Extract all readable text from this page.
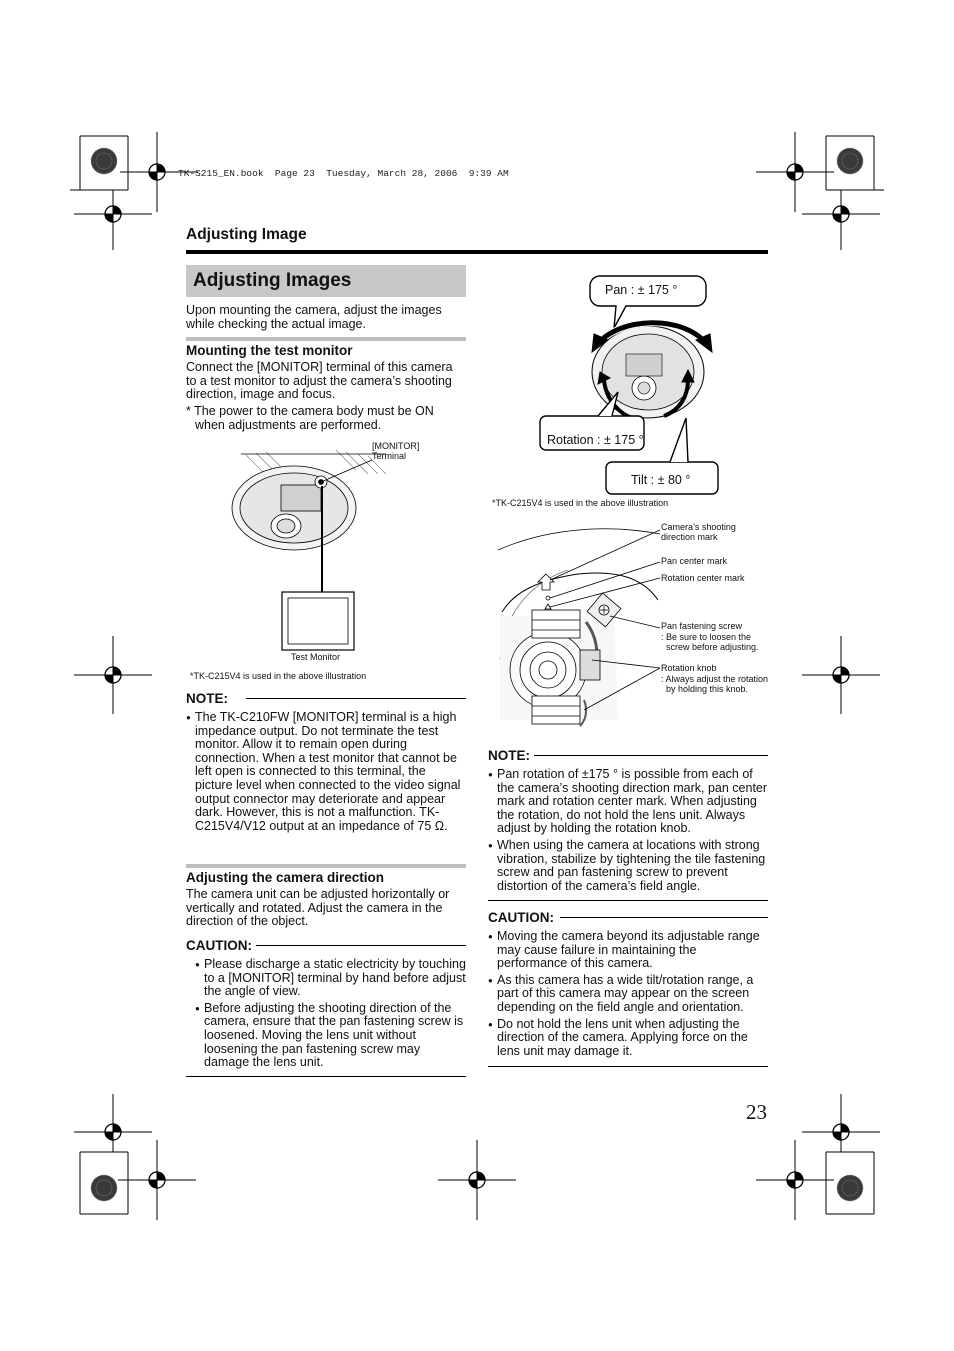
TK-S215_EN.book  Page 23  Tuesday, March 28, 2006  9:39 AM
Adjusting Image
Adjusting Images
Upon mounting the camera, adjust the images while checking the actual image.
Mounting the test monitor
Connect the [MONITOR] terminal of this camera to a test monitor to adjust the camera’s shooting direction, image and focus.
* The power to the camera body must be ON when adjustments are performed.
[MONITOR] Terminal
Test Monitor
*TK-C215V4 is used in the above illustration
NOTE:
● The TK-C210FW [MONITOR] terminal is a high impedance output. Do not terminate the test monitor. Allow it to remain open during connection. When a test monitor that cannot be left open is connected to this terminal, the picture level when connected to the video signal output connector may deteriorate and appear dark. However, this is not a malfunction. TK-C215V4/V12 output at an impedance of 75 Ω.
Adjusting the camera direction
The camera unit can be adjusted horizontally or vertically and rotated. Adjust the camera in the direction of the object.
CAUTION:
● Please discharge a static electricity by touching to a [MONITOR] terminal by hand before adjust the angle of view.
● Before adjusting the shooting direction of the camera, ensure that the pan fastening screw is loosened. Moving the lens unit without loosening the pan fastening screw may damage the lens unit.
Pan : ± 175 °
Rotation : ± 175 °
Tilt : ± 80 °
*TK-C215V4 is used in the above illustration
Camera’s shooting direction mark
Pan center mark
Rotation center mark
Pan fastening screw
: Be sure to loosen the screw before adjusting.
Rotation knob
: Always adjust the rotation by holding this knob.
NOTE:
● Pan rotation of ±175 ° is possible from each of the camera’s shooting direction mark, pan center mark and rotation center mark. When adjusting the rotation, do not hold the lens unit. Always adjust by holding the rotation knob.
● When using the camera at locations with strong vibration, stabilize by tightening the tile fastening screw and pan fastening screw to prevent distortion of the camera’s field angle.
CAUTION:
● Moving the camera beyond its adjustable range may cause failure in maintaining the performance of this camera.
● As this camera has a wide tilt/rotation range, a part of this camera may appear on the screen depending on the field angle and orientation.
● Do not hold the lens unit when adjusting the direction of the camera. Applying force on the lens unit may damage it.
23
